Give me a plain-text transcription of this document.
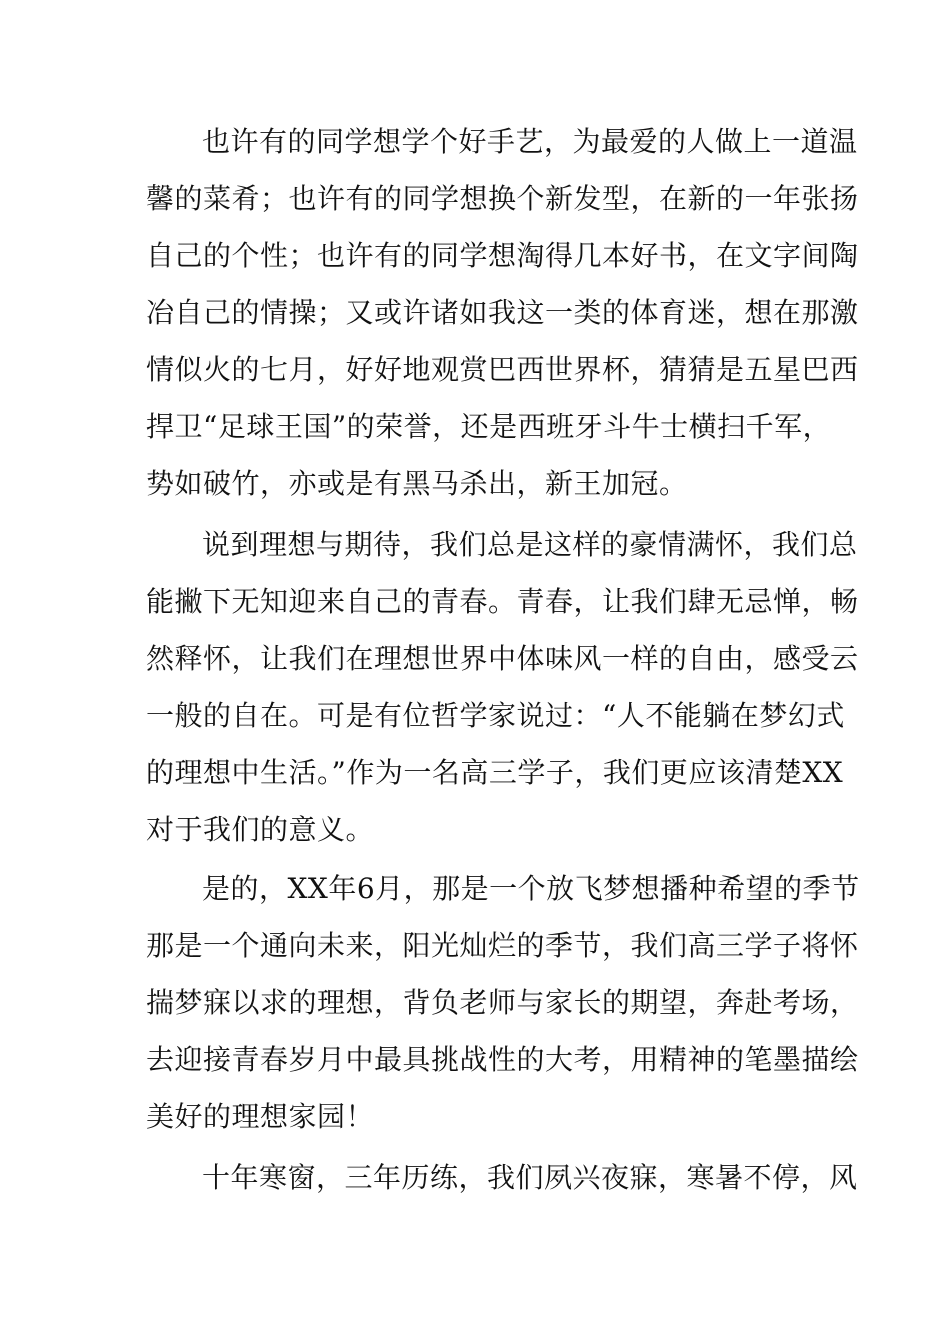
也许有的同学想学个好手艺，为最爱的人做上一道温
馨的菜肴；也许有的同学想换个新发型，在新的一年张扬
自己的个性；也许有的同学想淘得几本好书，在文字间陶
冶自己的情操；又或许诸如我这一类的体育迷，想在那激
情似火的七月，好好地观赏巴西世界杯，猜猜是五星巴西
捍卫“足球王国”的荣誉，还是西班牙斗牛士横扫千军，
势如破竹，亦或是有黑马杀出，新王加冠。
说到理想与期待，我们总是这样的豪情满怀，我们总
能撇下无知迎来自己的青春。青春，让我们肆无忌惮，畅
然释怀，让我们在理想世界中体味风一样的自由，感受云
一般的自在。可是有位哲学家说过：“人不能躺在梦幻式
的理想中生活。”作为一名高三学子，我们更应该清楚XX
对于我们的意义。
是的，XX年6月，那是一个放飞梦想播种希望的季节
那是一个通向未来，阳光灿烂的季节，我们高三学子将怀
揣梦寐以求的理想，背负老师与家长的期望，奔赴考场，
去迎接青春岁月中最具挑战性的大考，用精神的笔墨描绘
美好的理想家园！
十年寒窗，三年历练，我们夙兴夜寐，寒暑不停，风
